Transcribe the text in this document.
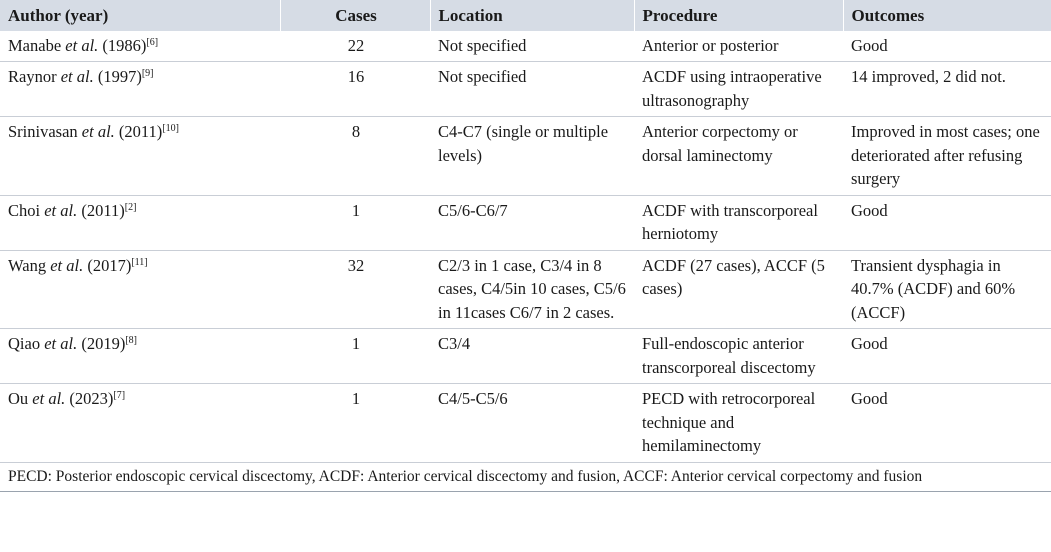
Author (year)	Cases	Location	Procedure	Outcomes
Manabe et al. (1986)[6]	22	Not specified	Anterior or posterior	Good
Raynor et al. (1997)[9]	16	Not specified	ACDF using intraoperative ultrasonography	14 improved, 2 did not.
Srinivasan et al. (2011)[10]	8	C4-C7 (single or multiple levels)	Anterior corpectomy or dorsal laminectomy	Improved in most cases; one deteriorated after refusing surgery
Choi et al. (2011)[2]	1	C5/6-C6/7	ACDF with transcorporeal herniotomy	Good
Wang et al. (2017)[11]	32	C2/3 in 1 case, C3/4 in 8 cases, C4/5in 10 cases, C5/6 in 11cases C6/7 in 2 cases.	ACDF (27 cases), ACCF (5 cases)	Transient dysphagia in 40.7% (ACDF) and 60% (ACCF)
Qiao et al. (2019)[8]	1	C3/4	Full-endoscopic anterior transcorporeal discectomy	Good
Ou et al. (2023)[7]	1	C4/5-C5/6	PECD with retrocorporeal technique and hemilaminectomy	Good
PECD: Posterior endoscopic cervical discectomy, ACDF: Anterior cervical discectomy and fusion, ACCF: Anterior cervical corpectomy and fusion				
